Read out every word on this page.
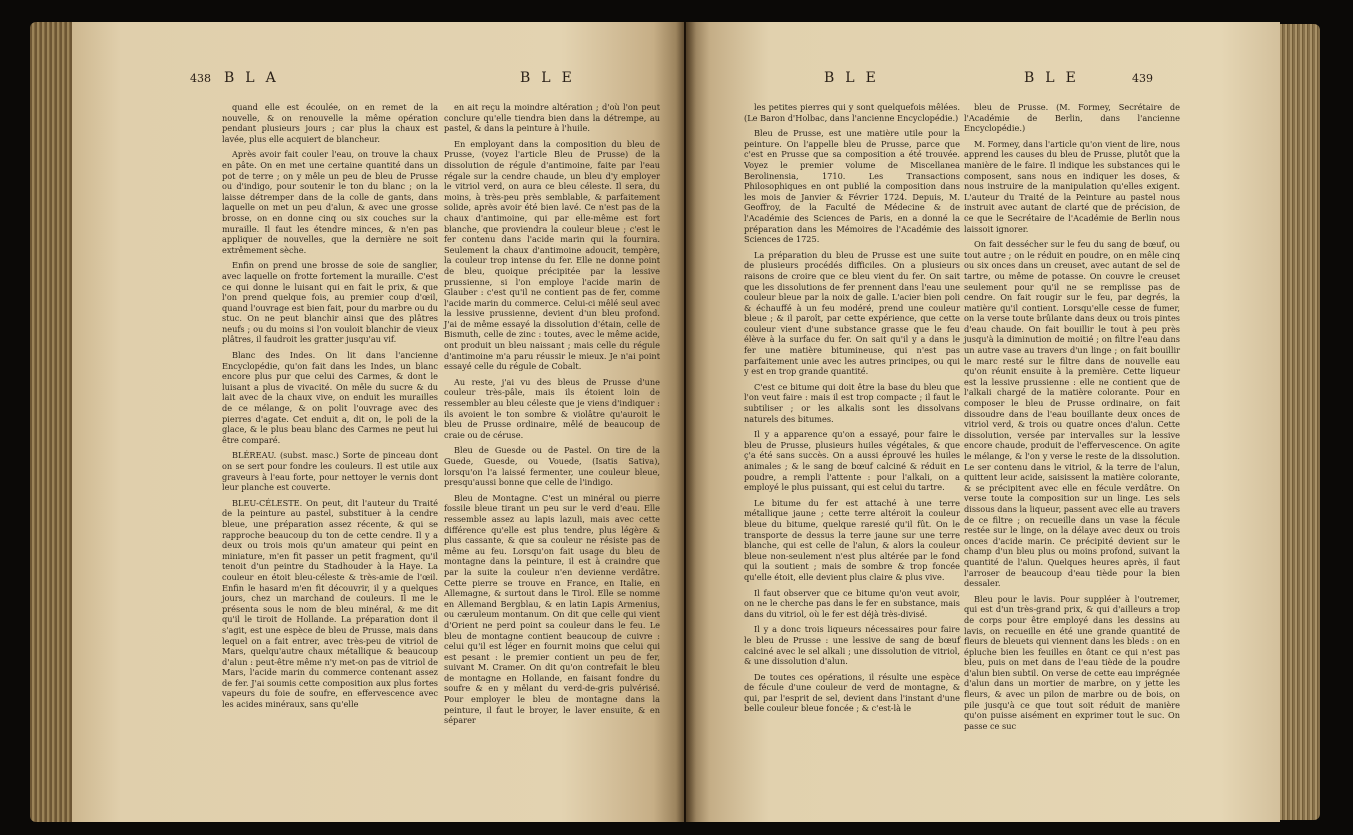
438 BLA	BLE

quand elle est écoulée, on en remet de la nouvelle, & on renouvelle la même opération pendant plusieurs jours ; car plus la chaux est lavée, plus elle acquiert de blancheur.

Après avoir fait couler l'eau, on trouve la chaux en pâte. On en met une certaine quantité dans un pot de terre ; on y mêle un peu de bleu de Prusse ou d'indigo, pour soutenir le ton du blanc ; on la laisse détremper dans de la colle de gants, dans laquelle on met un peu d'alun, & avec une grosse brosse, on en donne cinq ou six couches sur la muraille. Il faut les étendre minces, & n'en pas appliquer de nouvelles, que la dernière ne soit extrêmement sèche.

Enfin on prend une brosse de soie de sanglier, avec laquelle on frotte fortement la muraille. C'est ce qui donne le luisant qui en fait le prix, & que l'on prend quelque fois, au premier coup d'œil, quand l'ouvrage est bien fait, pour du marbre ou du stuc. On ne peut blanchir ainsi que des plâtres neufs ; ou du moins si l'on vouloit blanchir de vieux plâtres, il faudroit les gratter jusqu'au vif.

Blanc des Indes. On lit dans l'ancienne Encyclopédie, qu'on fait dans les Indes, un blanc encore plus pur que celui des Carmes, & dont le luisant a plus de vivacité. On mêle du sucre & du lait avec de la chaux vive, on enduit les murailles de ce mélange, & on polit l'ouvrage avec des pierres d'agate. Cet enduit a, dit on, le poli de la glace, & le plus beau blanc des Carmes ne peut lui être comparé.

BLÉREAU. (subst. masc.) Sorte de pinceau dont on se sert pour fondre les couleurs. Il est utile aux graveurs à l'eau forte, pour nettoyer le vernis dont leur planche est couverte.

BLEU-CÉLESTE. On peut, dit l'auteur du Traité de la peinture au pastel, substituer à la cendre bleue, une préparation assez récente, & qui se rapproche beaucoup du ton de cette cendre. Il y a deux ou trois mois qu'un amateur qui peint en miniature, m'en fit passer un petit fragment, qu'il tenoit d'un peintre du Stadhouder à la Haye. La couleur en étoit bleu-céleste & très-amie de l'œil. Enfin le hasard m'en fit découvrir, il y a quelques jours, chez un marchand de couleurs. Il me le présenta sous le nom de bleu minéral, & me dit qu'il le tiroit de Hollande. La préparation dont il s'agit, est une espèce de bleu de Prusse, mais dans lequel on a fait entrer, avec très-peu de vitriol de Mars, quelqu'autre chaux métallique & beaucoup d'alun : peut-être même n'y met-on pas de vitriol de Mars, l'acide marin du commerce contenant assez de fer. J'ai soumis cette composition aux plus fortes vapeurs du foie de soufre, en effervescence avec les acides minéraux, sans qu'elle

en ait reçu la moindre altération ; d'où l'on peut conclure qu'elle tiendra bien dans la détrempe, au pastel, & dans la peinture à l'huile.

En employant dans la composition du bleu de Prusse, (voyez l'article Bleu de Prusse) de la dissolution de régule d'antimoine, faite par l'eau régale sur la cendre chaude, un bleu d'y employer le vitriol verd, on aura ce bleu céleste. Il sera, du moins, à très-peu près semblable, & parfaitement solide, après avoir été bien lavé. Ce n'est pas de la chaux d'antimoine, qui par elle-même est fort blanche, que proviendra la couleur bleue ; c'est le fer contenu dans l'acide marin qui la fournira. Seulement la chaux d'antimoine adoucit, tempère, la couleur trop intense du fer. Elle ne donne point de bleu, quoique précipitée par la lessive prussienne, si l'on employe l'acide marin de Glauber : c'est qu'il ne contient pas de fer, comme l'acide marin du commerce. Celui-ci mêlé seul avec la lessive prussienne, devient d'un bleu profond. J'ai de même essayé la dissolution d'étain, celle de Bismuth, celle de zinc : toutes, avec le même acide, ont produit un bleu naissant ; mais celle du régule d'antimoine m'a paru réussir le mieux. Je n'ai point essayé celle du régule de Cobalt.

Au reste, j'ai vu des bleus de Prusse d'une couleur très-pâle, mais ils étoient loin de ressembler au bleu céleste que je viens d'indiquer : ils avoient le ton sombre & violâtre qu'auroit le bleu de Prusse ordinaire, mêlé de beaucoup de craie ou de céruse.

Bleu de Guesde ou de Pastel. On tire de la Guede, Guesde, ou Vouede, (Isatis Sativa), lorsqu'on l'a laissé fermenter, une couleur bleue, presqu'aussi bonne que celle de l'indigo.

Bleu de Montagne. C'est un minéral ou pierre fossile bleue tirant un peu sur le verd d'eau. Elle ressemble assez au lapis lazuli, mais avec cette différence qu'elle est plus tendre, plus légère & plus cassante, & que sa couleur ne résiste pas de même au feu. Lorsqu'on fait usage du bleu de montagne dans la peinture, il est à craindre que par la suite la couleur n'en devienne verdâtre. Cette pierre se trouve en France, en Italie, en Allemagne, & surtout dans le Tirol. Elle se nomme en Allemand Bergblau, & en latin Lapis Armenius, ou cæruleum montanum. On dit que celle qui vient d'Orient ne perd point sa couleur dans le feu. Le bleu de montagne contient beaucoup de cuivre : celui qu'il est léger en fournit moins que celui qui est pesant : le premier contient un peu de fer, suivant M. Cramer. On dit qu'on contrefait le bleu de montagne en Hollande, en faisant fondre du soufre & en y mêlant du verd-de-gris pulvérisé. Pour employer le bleu de montagne dans la peinture, il faut le broyer, le laver ensuite, & en séparer

BLE	BLE	439

les petites pierres qui y sont quelquefois mêlées. (Le Baron d'Holbac, dans l'ancienne Encyclopédie.)

Bleu de Prusse, est une matière utile pour la peinture. On l'appelle bleu de Prusse, parce que c'est en Prusse que sa composition a été trouvée. Voyez le premier volume de Miscellanea Berolinensia, 1710. Les Transactions Philosophiques en ont publié la composition dans les mois de Janvier & Février 1724. Depuis, M. Geoffroy, de la Faculté de Médecine & de l'Académie des Sciences de Paris, en a donné la préparation dans les Mémoires de l'Académie des Sciences de 1725.

La préparation du bleu de Prusse est une suite de plusieurs procédés difficiles. On a plusieurs raisons de croire que ce bleu vient du fer. On sait que les dissolutions de fer prennent dans l'eau une couleur bleue par la noix de galle. L'acier bien poli & échauffé à un feu modéré, prend une couleur bleue ; & il paroît, par cette expérience, que cette couleur vient d'une substance grasse que le feu élève à la surface du fer. On sait qu'il y a dans le fer une matière bitumineuse, qui n'est pas parfaitement unie avec les autres principes, ou qui y est en trop grande quantité.

C'est ce bitume qui doit être la base du bleu que l'on veut faire : mais il est trop compacte ; il faut le subtiliser ; or les alkalis sont les dissolvans naturels des bitumes.

Il y a apparence qu'on a essayé, pour faire le bleu de Prusse, plusieurs huiles végétales, & que ç'a été sans succès. On a aussi éprouvé les huiles animales ; & le sang de bœuf calciné & réduit en poudre, a rempli l'attente : pour l'alkali, on a employé le plus puissant, qui est celui du tartre.

Le bitume du fer est attaché à une terre métallique jaune ; cette terre altéroit la couleur bleue du bitume, quelque raresié qu'il fût. On le transporte de dessus la terre jaune sur une terre blanche, qui est celle de l'alun, & alors la couleur bleue non-seulement n'est plus altérée par le fond qui la soutient ; mais de sombre & trop foncée qu'elle étoit, elle devient plus claire & plus vive.

Il faut observer que ce bitume qu'on veut avoir, on ne le cherche pas dans le fer en substance, mais dans du vitriol, où le fer est déjà très-divisé.

Il y a donc trois liqueurs nécessaires pour faire le bleu de Prusse : une lessive de sang de bœuf calciné avec le sel alkali ; une dissolution de vitriol, & une dissolution d'alun.

De toutes ces opérations, il résulte une espèce de fécule d'une couleur de verd de montagne, & qui, par l'esprit de sel, devient dans l'instant d'une belle couleur bleue foncée ; & c'est-là le

bleu de Prusse. (M. Formey, Secrétaire de l'Académie de Berlin, dans l'ancienne Encyclopédie.)

M. Formey, dans l'article qu'on vient de lire, nous apprend les causes du bleu de Prusse, plutôt que la manière de le faire. Il indique les substances qui le composent, sans nous en indiquer les doses, & nous instruire de la manipulation qu'elles exigent. L'auteur du Traité de la Peinture au pastel nous instruit avec autant de clarté que de précision, de ce que le Secrétaire de l'Académie de Berlin nous laissoit ignorer.

On fait dessécher sur le feu du sang de bœuf, ou tout autre ; on le réduit en poudre, on en mêle cinq ou six onces dans un creuset, avec autant de sel de tartre, ou même de potasse. On couvre le creuset seulement pour qu'il ne se remplisse pas de cendre. On fait rougir sur le feu, par degrés, la matière qu'il contient. Lorsqu'elle cesse de fumer, on la verse toute brûlante dans deux ou trois pintes d'eau chaude. On fait bouillir le tout à peu près jusqu'à la diminution de moitié ; on filtre l'eau dans un autre vase au travers d'un linge ; on fait bouillir le marc resté sur le filtre dans de nouvelle eau qu'on réunit ensuite à la première. Cette liqueur est la lessive prussienne : elle ne contient que de l'alkali chargé de la matière colorante. Pour en composer le bleu de Prusse ordinaire, on fait dissoudre dans de l'eau bouillante deux onces de vitriol verd, & trois ou quatre onces d'alun. Cette dissolution, versée par intervalles sur la lessive encore chaude, produit de l'effervescence. On agite le mélange, & l'on y verse le reste de la dissolution. Le ser contenu dans le vitriol, & la terre de l'alun, quittent leur acide, saisissent la matière colorante, & se précipitent avec elle en fécule verdâtre. On verse toute la composition sur un linge. Les sels dissous dans la liqueur, passent avec elle au travers de ce filtre ; on recueille dans un vase la fécule restée sur le linge, on la délaye avec deux ou trois onces d'acide marin. Ce précipité devient sur le champ d'un bleu plus ou moins profond, suivant la quantité de l'alun. Quelques heures après, il faut l'arroser de beaucoup d'eau tiède pour la bien dessaler.

Bleu pour le lavis. Pour suppléer à l'outremer, qui est d'un très-grand prix, & qui d'ailleurs a trop de corps pour être employé dans les dessins au lavis, on recueille en été une grande quantité de fleurs de bleuets qui viennent dans les bleds : on en épluche bien les feuilles en ôtant ce qui n'est pas bleu, puis on met dans de l'eau tiède de la poudre d'alun bien subtil. On verse de cette eau imprégnée d'alun dans un mortier de marbre, on y jette les fleurs, & avec un pilon de marbre ou de bois, on pile jusqu'à ce que tout soit réduit de manière qu'on puisse aisément en exprimer tout le suc. On passe ce suc
